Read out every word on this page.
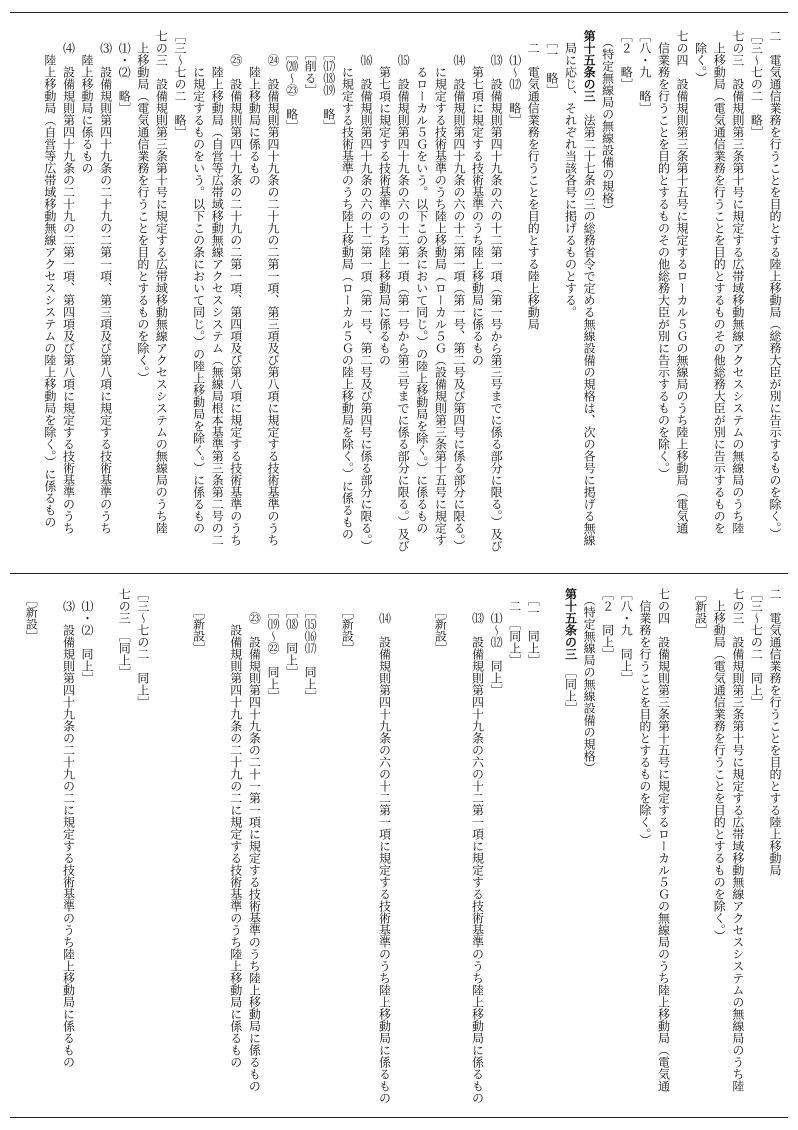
二　電気通信業務を行うことを目的とする陸上移動局（総務大臣が別に告示するものを除く。）
［三〜七の二　略］
七の三　設備規則第三条第十号に規定する広帯域移動無線アクセスシステムの無線局のうち陸
　上移動局（電気通信業務を行うことを目的とするものその他総務大臣が別に告示するものを
　除く。）
七の四　設備規則第三条第十五号に規定するローカル５Ｇの無線局のうち陸上移動局（電気通
　信業務を行うことを目的とするものその他総務大臣が別に告示するものを除く。）
［八・九　略］
［２　略］
　（特定無線局の無線設備の規格）
第十五条の三　法第二十七条の三の総務省令で定める無線設備の規格は、次の各号に掲げる無線
　局に応じ、それぞれ当該各号に掲げるものとする。
　［一　略］
　二　電気通信業務を行うことを目的とする陸上移動局
　　⑴〜⑿　略］
　　⒀　設備規則第四十九条の六の十二第一項（第一号から第三号までに係る部分に限る。）及び
　　　第七項に規定する技術基準のうち陸上移動局に係るもの
　　⒁　設備規則第四十九条の六の十二第一項（第一号、第二号及び第四号に係る部分に限る。）
　　　に規定する技術基準のうち陸上移動局（ローカル５Ｇ（設備規則第三条第十五号に規定す
　　　るローカル５Ｇをいう。以下この条において同じ。）の陸上移動局を除く。）に係るもの
　　⒂　設備規則第四十九条の六の十二第一項（第一号から第三号までに係る部分に限る。）及び
　　　第七項に規定する技術基準のうち陸上移動局に係るもの
　　⒃　設備規則第四十九条の六の十二第一項（第一号、第二号及び第四号に係る部分に限る。）
　　　に規定する技術基準のうち陸上移動局（ローカル５Ｇの陸上移動局を除く。）に係るもの
　　［⒄⒅⒆　略］
　　［削る］
　　［⒇〜㉓　略］
　　㉔　設備規則第四十九条の二十九の二第一項、第三項及び第八項に規定する技術基準のうち
　　　陸上移動局に係るもの
　　㉕　設備規則第四十九条の二十九の二第一項、第四項及び第八項に規定する技術基準のうち
　　　陸上移動局（自営等広帯域移動無線アクセスシステム（無線局根本基準第三条第二号の二
　　　に規定するものをいう。以下この条において同じ。）の陸上移動局を除く。）に係るもの
［三〜七の二　略］
七の三　設備規則第三条第十号に規定する広帯域移動無線アクセスシステムの無線局のうち陸
　上移動局（電気通信業務を行うことを目的とするものを除く。）
　⑴・⑵　略］
　⑶　設備規則第四十九条の二十九の二第一項、第三項及び第八項に規定する技術基準のうち
　　陸上移動局に係るもの
　⑷　設備規則第四十九条の二十九の二第一項、第四項及び第八項に規定する技術基準のうち
　　陸上移動局（自営等広帯域移動無線アクセスシステムの陸上移動局を除く。）に係るもの
二　電気通信業務を行うことを目的とする陸上移動局
［三〜七の二　同上］
七の三　設備規則第三条第十号に規定する広帯域移動無線アクセスシステムの無線局のうち陸
　上移動局（電気通信業務を行うことを目的とするものを除く。）
［新設］

七の四　設備規則第三条第十五号に規定するローカル５Ｇの無線局のうち陸上移動局（電気通
　信業務を行うことを目的とするものを除く。）
［八・九　同上］
［２　同上］
　（特定無線局の無線設備の規格）
第十五条の三　［同上］

　［一　同上］
　二　［同上］
　　⑴〜⑿　同上］
　　⒀　設備規則第四十九条の六の十二第一項に規定する技術基準のうち陸上移動局に係るもの

　　［新設］

　　⒁　設備規則第四十九条の六の十二第一項に規定する技術基準のうち陸上移動局に係るもの

　　［新設］

　　［⒂⒃⒄　同上］
　　［⒅　同上］
　　［⒆〜㉒　同上］
　　㉓　設備規則第四十九条の二十一第一項に規定する技術基準のうち陸上移動局に係るもの
　　　設備規則第四十九条の二十九の二に規定する技術基準のうち陸上移動局に係るもの

　　［新設］

［三〜七の二　同上］
七の三　［同上］

　⑴・⑵　同上］
　⑶　設備規則第四十九条の二十九の二に規定する技術基準のうち陸上移動局に係るもの

　［新設］
